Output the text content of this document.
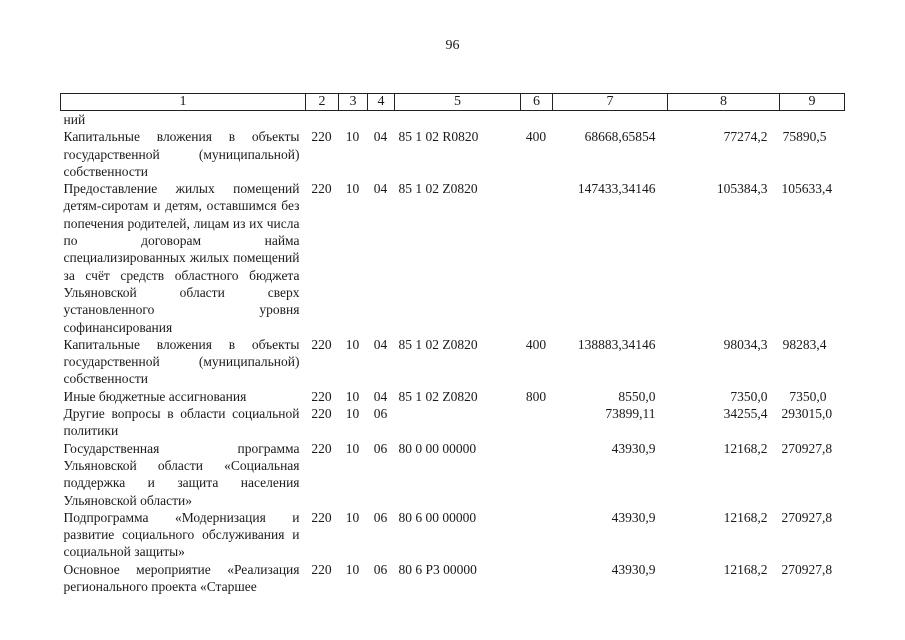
96
1	2	3	4	5	6	7	8	9
ний								
Капитальные вложения в объекты государственной (муниципальной) собственности	220	10	04	85 1 02 R0820	400	68668,65854	77274,2	75890,5
Предоставление жилых помещений детям-сиротам и детям, оставшимся без попечения родителей, лицам из их числа по договорам найма специализированных жилых помещений за счёт средств областного бюджета Ульяновской области сверх установленного уровня софинансирования	220	10	04	85 1 02 Z0820		147433,34146	105384,3	105633,4
Капитальные вложения в объекты государственной (муниципальной) собственности	220	10	04	85 1 02 Z0820	400	138883,34146	98034,3	98283,4
Иные бюджетные ассигнования	220	10	04	85 1 02 Z0820	800	8550,0	7350,0	7350,0
Другие вопросы в области социальной политики	220	10	06			73899,11	34255,4	293015,0
Государственная программа Ульяновской области «Социальная поддержка и защита населения Ульяновской области»	220	10	06	80 0 00 00000		43930,9	12168,2	270927,8
Подпрограмма «Модернизация и развитие социального обслуживания и социальной защиты»	220	10	06	80 6 00 00000		43930,9	12168,2	270927,8
Основное мероприятие «Реализация регионального проекта «Старшее	220	10	06	80 6 P3 00000		43930,9	12168,2	270927,8
